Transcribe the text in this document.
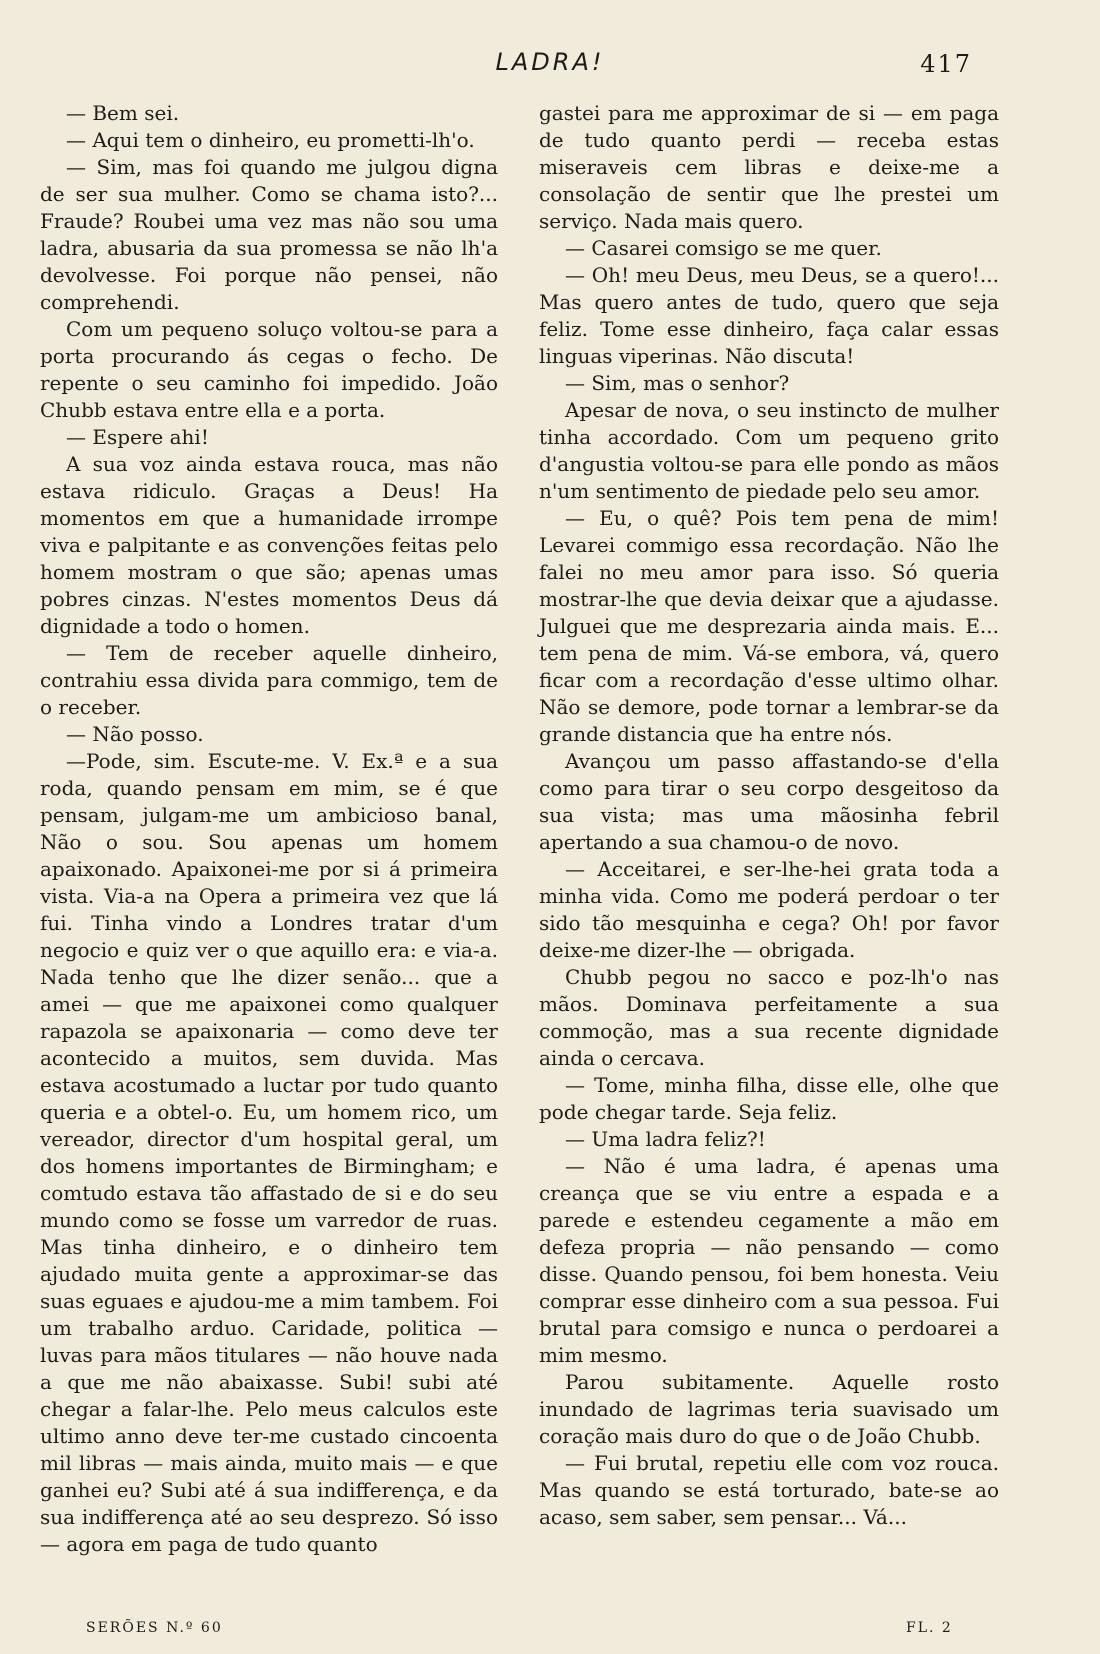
LADRA!	417

— Bem sei.

— Aqui tem o dinheiro, eu prometti-lh'o.

— Sim, mas foi quando me julgou digna de ser sua mulher. Como se chama isto?... Fraude? Roubei uma vez mas não sou uma ladra, abusaria da sua promessa se não lh'a devolvesse. Foi porque não pensei, não comprehendi.

Com um pequeno soluço voltou-se para a porta procurando ás cegas o fecho. De repente o seu caminho foi impedido. João Chubb estava entre ella e a porta.

— Espere ahi!

A sua voz ainda estava rouca, mas não estava ridiculo. Graças a Deus! Ha momentos em que a humanidade irrompe viva e palpitante e as convenções feitas pelo homem mostram o que são; apenas umas pobres cinzas. N'estes momentos Deus dá dignidade a todo o homen.

— Tem de receber aquelle dinheiro, contrahiu essa divida para commigo, tem de o receber.

— Não posso.

—Pode, sim. Escute-me. V. Ex.ª e a sua roda, quando pensam em mim, se é que pensam, julgam-me um ambicioso banal, Não o sou. Sou apenas um homem apaixonado. Apaixonei-me por si á primeira vista. Via-a na Opera a primeira vez que lá fui. Tinha vindo a Londres tratar d'um negocio e quiz ver o que aquillo era: e via-a. Nada tenho que lhe dizer senão... que a amei — que me apaixonei como qualquer rapazola se apaixonaria — como deve ter acontecido a muitos, sem duvida. Mas estava acostumado a luctar por tudo quanto queria e a obtel-o. Eu, um homem rico, um vereador, director d'um hospital geral, um dos homens importantes de Birmingham; e comtudo estava tão affastado de si e do seu mundo como se fosse um varredor de ruas. Mas tinha dinheiro, e o dinheiro tem ajudado muita gente a approximar-se das suas eguaes e ajudou-me a mim tambem. Foi um trabalho arduo. Caridade, politica — luvas para mãos titulares — não houve nada a que me não abaixasse. Subi! subi até chegar a falar-lhe. Pelo meus calculos este ultimo anno deve ter-me custado cincoenta mil libras — mais ainda, muito mais — e que ganhei eu? Subi até á sua indifferença, e da sua indifferença até ao seu desprezo. Só isso — agora em paga de tudo quanto

gastei para me approximar de si — em paga de tudo quanto perdi — receba estas miseraveis cem libras e deixe-me a consolação de sentir que lhe prestei um serviço. Nada mais quero.

— Casarei comsigo se me quer.

— Oh! meu Deus, meu Deus, se a quero!... Mas quero antes de tudo, quero que seja feliz. Tome esse dinheiro, faça calar essas linguas viperinas. Não discuta!

— Sim, mas o senhor?

Apesar de nova, o seu instincto de mulher tinha accordado. Com um pequeno grito d'angustia voltou-se para elle pondo as mãos n'um sentimento de piedade pelo seu amor.

— Eu, o quê? Pois tem pena de mim! Levarei commigo essa recordação. Não lhe falei no meu amor para isso. Só queria mostrar-lhe que devia deixar que a ajudasse. Julguei que me desprezaria ainda mais. E... tem pena de mim. Vá-se embora, vá, quero ficar com a recordação d'esse ultimo olhar. Não se demore, pode tornar a lembrar-se da grande distancia que ha entre nós.

Avançou um passo affastando-se d'ella como para tirar o seu corpo desgeitoso da sua vista; mas uma mãosinha febril apertando a sua chamou-o de novo.

— Acceitarei, e ser-lhe-hei grata toda a minha vida. Como me poderá perdoar o ter sido tão mesquinha e cega? Oh! por favor deixe-me dizer-lhe — obrigada.

Chubb pegou no sacco e poz-lh'o nas mãos. Dominava perfeitamente a sua commoção, mas a sua recente dignidade ainda o cercava.

— Tome, minha filha, disse elle, olhe que pode chegar tarde. Seja feliz.

— Uma ladra feliz?!

— Não é uma ladra, é apenas uma creança que se viu entre a espada e a parede e estendeu cegamente a mão em defeza propria — não pensando — como disse. Quando pensou, foi bem honesta. Veiu comprar esse dinheiro com a sua pessoa. Fui brutal para comsigo e nunca o perdoarei a mim mesmo.

Parou subitamente. Aquelle rosto inundado de lagrimas teria suavisado um coração mais duro do que o de João Chubb.

— Fui brutal, repetiu elle com voz rouca. Mas quando se está torturado, bate-se ao acaso, sem saber, sem pensar... Vá...

SERÕES N.º 60	FL. 2
